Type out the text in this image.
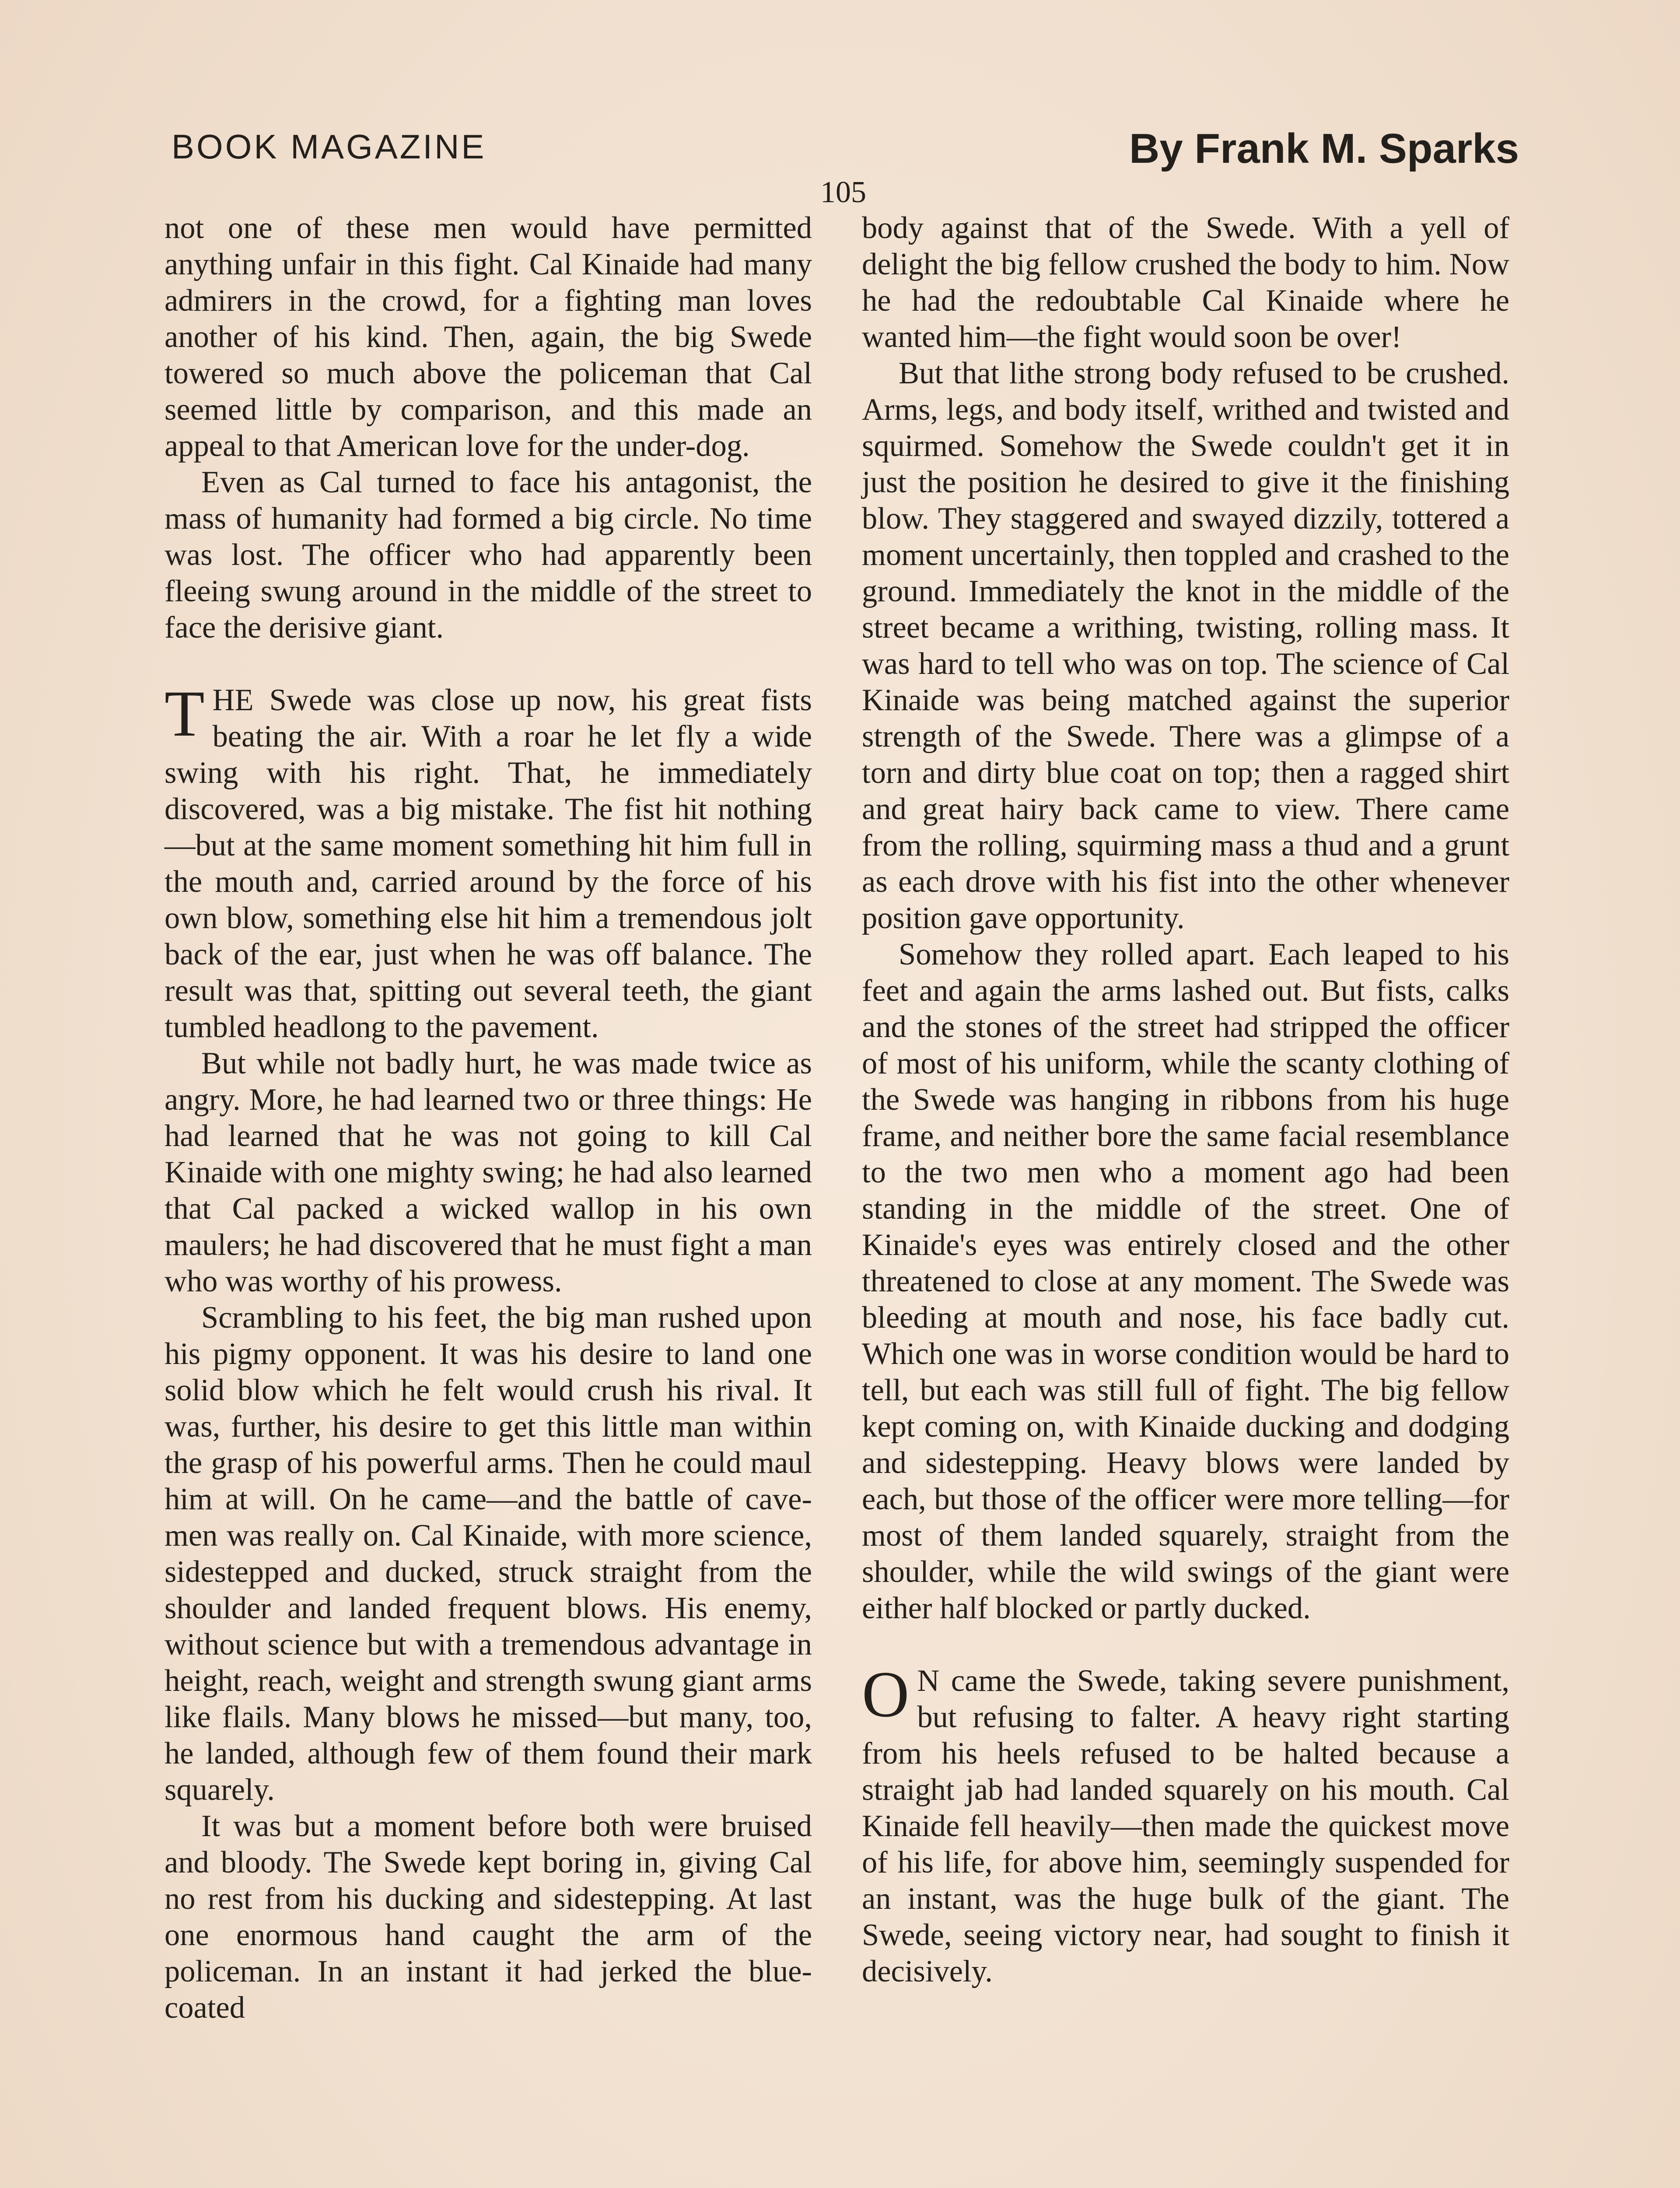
BOOK MAGAZINE	By Frank M. Sparks
105

not one of these men would have permitted anything unfair in this fight. Cal Kinaide had many admirers in the crowd, for a fighting man loves another of his kind. Then, again, the big Swede towered so much above the policeman that Cal seemed little by comparison, and this made an appeal to that American love for the under-dog.

Even as Cal turned to face his antagonist, the mass of humanity had formed a big circle. No time was lost. The officer who had apparently been fleeing swung around in the middle of the street to face the derisive giant.

THE Swede was close up now, his great fists beating the air. With a roar he let fly a wide swing with his right. That, he immediately discovered, was a big mistake. The fist hit nothing—but at the same moment something hit him full in the mouth and, carried around by the force of his own blow, something else hit him a tremendous jolt back of the ear, just when he was off balance. The result was that, spitting out several teeth, the giant tumbled headlong to the pavement.

But while not badly hurt, he was made twice as angry. More, he had learned two or three things: He had learned that he was not going to kill Cal Kinaide with one mighty swing; he had also learned that Cal packed a wicked wallop in his own maulers; he had discovered that he must fight a man who was worthy of his prowess.

Scrambling to his feet, the big man rushed upon his pigmy opponent. It was his desire to land one solid blow which he felt would crush his rival. It was, further, his desire to get this little man within the grasp of his powerful arms. Then he could maul him at will. On he came—and the battle of cave-men was really on. Cal Kinaide, with more science, sidestepped and ducked, struck straight from the shoulder and landed frequent blows. His enemy, without science but with a tremendous advantage in height, reach, weight and strength swung giant arms like flails. Many blows he missed—but many, too, he landed, although few of them found their mark squarely.

It was but a moment before both were bruised and bloody. The Swede kept boring in, giving Cal no rest from his ducking and sidestepping. At last one enormous hand caught the arm of the policeman. In an instant it had jerked the blue-coated

body against that of the Swede. With a yell of delight the big fellow crushed the body to him. Now he had the redoubtable Cal Kinaide where he wanted him—the fight would soon be over!

But that lithe strong body refused to be crushed. Arms, legs, and body itself, writhed and twisted and squirmed. Somehow the Swede couldn't get it in just the position he desired to give it the finishing blow. They staggered and swayed dizzily, tottered a moment uncertainly, then toppled and crashed to the ground. Immediately the knot in the middle of the street became a writhing, twisting, rolling mass. It was hard to tell who was on top. The science of Cal Kinaide was being matched against the superior strength of the Swede. There was a glimpse of a torn and dirty blue coat on top; then a ragged shirt and great hairy back came to view. There came from the rolling, squirming mass a thud and a grunt as each drove with his fist into the other whenever position gave opportunity.

Somehow they rolled apart. Each leaped to his feet and again the arms lashed out. But fists, calks and the stones of the street had stripped the officer of most of his uniform, while the scanty clothing of the Swede was hanging in ribbons from his huge frame, and neither bore the same facial resemblance to the two men who a moment ago had been standing in the middle of the street. One of Kinaide's eyes was entirely closed and the other threatened to close at any moment. The Swede was bleeding at mouth and nose, his face badly cut. Which one was in worse condition would be hard to tell, but each was still full of fight. The big fellow kept coming on, with Kinaide ducking and dodging and sidestepping. Heavy blows were landed by each, but those of the officer were more telling—for most of them landed squarely, straight from the shoulder, while the wild swings of the giant were either half blocked or partly ducked.

O N came the Swede, taking severe punishment, but refusing to falter. A heavy right starting from his heels refused to be halted because a straight jab had landed squarely on his mouth. Cal Kinaide fell heavily—then made the quickest move of his life, for above him, seemingly suspended for an instant, was the huge bulk of the giant. The Swede, seeing victory near, had sought to finish it decisively.
